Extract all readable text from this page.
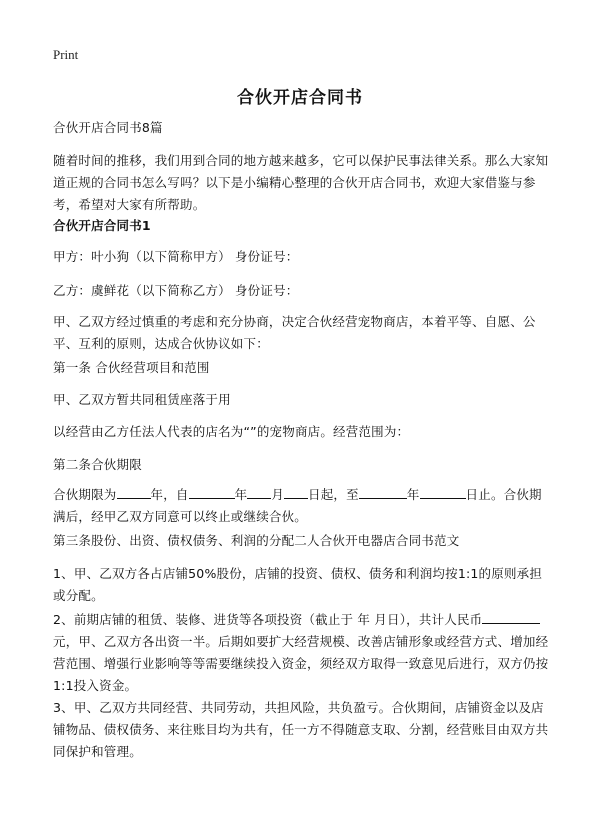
Print
合伙开店合同书
合伙开店合同书8篇
随着时间的推移，我们用到合同的地方越来越多，它可以保护民事法律关系。那么大家知道正规的合同书怎么写吗？以下是小编精心整理的合伙开店合同书，欢迎大家借鉴与参考，希望对大家有所帮助。
合伙开店合同书1
甲方：叶小狗（以下简称甲方） 身份证号：
乙方：虞鲜花（以下简称乙方） 身份证号：
甲、乙双方经过慎重的考虑和充分协商，决定合伙经营宠物商店，本着平等、自愿、公平、互利的原则，达成合伙协议如下：
第一条 合伙经营项目和范围
甲、乙双方暂共同租赁座落于用
以经营由乙方任法人代表的店名为“”的宠物商店。经营范围为：
第二条合伙期限
合伙期限为	年，自	年 月 日起，至	年	日止。合伙期满后，经甲乙双方同意可以终止或继续合伙。
第三条股份、出资、债权债务、利润的分配二人合伙开电器店合同书范文
1、甲、乙双方各占店铺50%股份，店铺的投资、债权、债务和利润均按1:1的原则承担或分配。
2、前期店铺的租赁、装修、进货等各项投资（截止于 年 月日），共计人民币元，甲、乙双方各出资一半。后期如要扩大经营规模、改善店铺形象或经营方式、增加经营范围、增强行业影响等等需要继续投入资金，须经双方取得一致意见后进行，双方仍按1:1投入资金。
3、甲、乙双方共同经营、共同劳动，共担风险，共负盈亏。合伙期间，店铺资金以及店铺物品、债权债务、来往账目均为共有，任一方不得随意支取、分割，经营账目由双方共同保护和管理。
